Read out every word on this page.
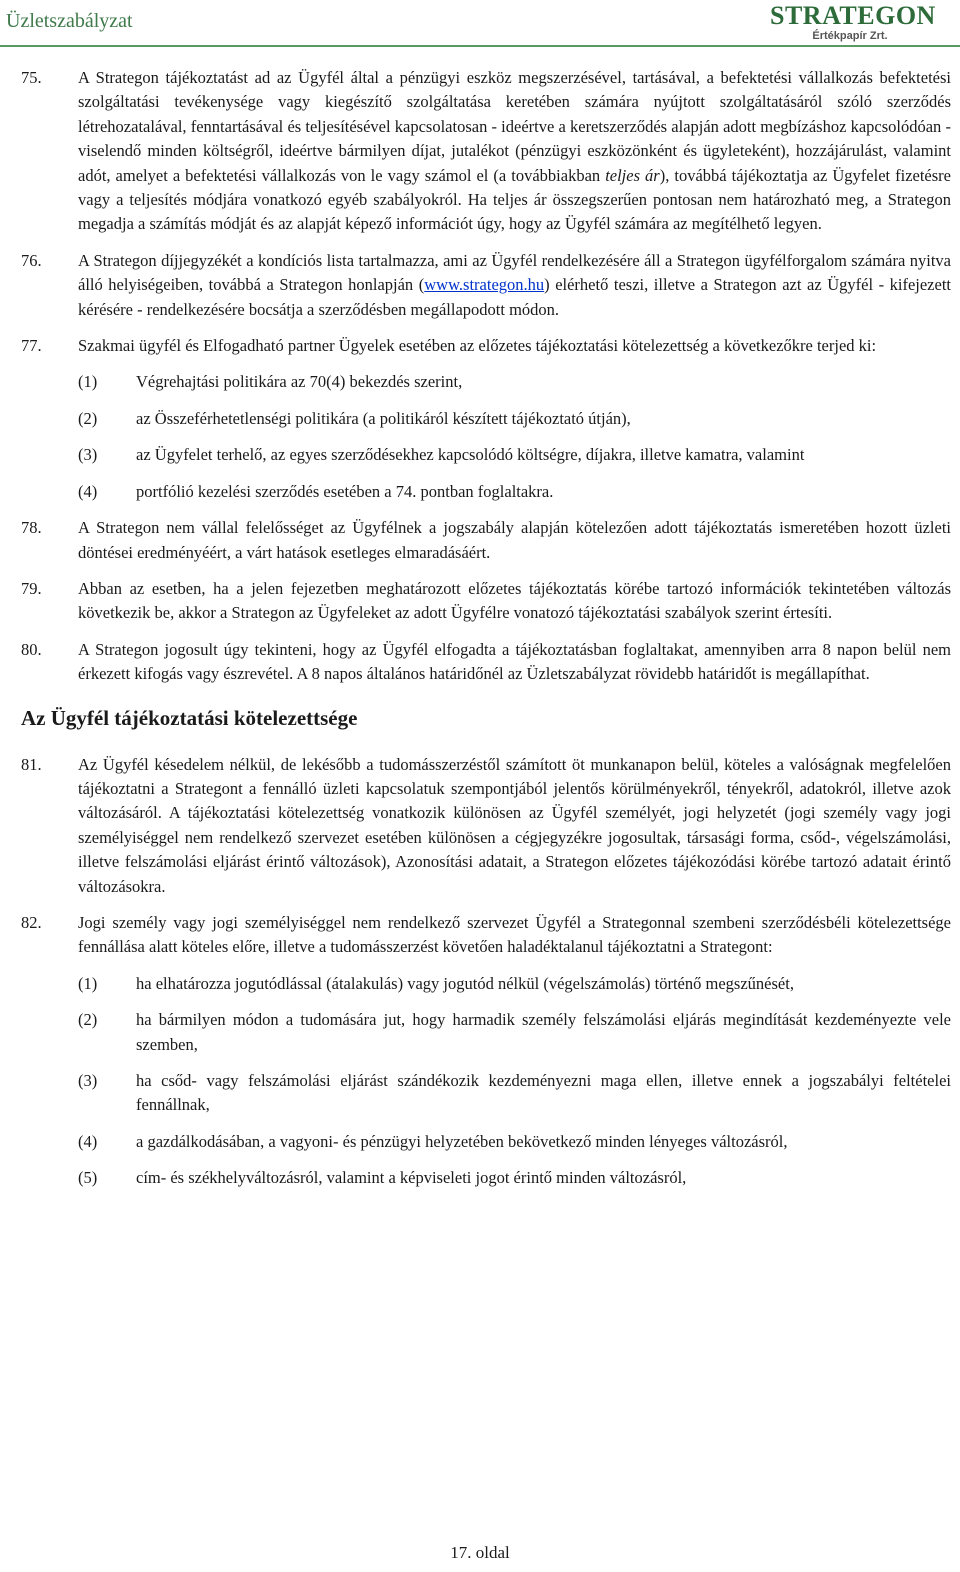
Üzletszabályzat	STRATEGON
Értékpapír Zrt.
75. A Strategon tájékoztatást ad az Ügyfél által a pénzügyi eszköz megszerzésével, tartásával, a befektetési vállalkozás befektetési szolgáltatási tevékenysége vagy kiegészítő szolgáltatása keretében számára nyújtott szolgáltatásáról szóló szerződés létrehozatalával, fenntartásával és teljesítésével kapcsolatosan - ideértve a keretszerződés alapján adott megbízáshoz kapcsolódóan - viselendő minden költségről, ideértve bármilyen díjat, jutalékot (pénzügyi eszközönként és ügyleteként), hozzájárulást, valamint adót, amelyet a befektetési vállalkozás von le vagy számol el (a továbbiakban teljes ár), továbbá tájékoztatja az Ügyfelet fizetésre vagy a teljesítés módjára vonatkozó egyéb szabályokról. Ha teljes ár összegszerűen pontosan nem határozható meg, a Strategon megadja a számítás módját és az alapját képező információt úgy, hogy az Ügyfél számára az megítélhető legyen.
76. A Strategon díjjegyzékét a kondíciós lista tartalmazza, ami az Ügyfél rendelkezésére áll a Strategon ügyfélforgalom számára nyitva álló helyiségeiben, továbbá a Strategon honlapján (www.strategon.hu) elérhető teszi, illetve a Strategon azt az Ügyfél - kifejezett kérésére - rendelkezésére bocsátja a szerződésben megállapodott módon.
77. Szakmai ügyfél és Elfogadható partner Ügyelek esetében az előzetes tájékoztatási kötelezettség a következőkre terjed ki:
(1) Végrehajtási politikára az 70(4) bekezdés szerint,
(2) az Összeférhetetlenségi politikára (a politikáról készített tájékoztató útján),
(3) az Ügyfelet terhelő, az egyes szerződésekhez kapcsolódó költségre, díjakra, illetve kamatra, valamint
(4) portfólió kezelési szerződés esetében a 74. pontban foglaltakra.
78. A Strategon nem vállal felelősséget az Ügyfélnek a jogszabály alapján kötelezően adott tájékoztatás ismeretében hozott üzleti döntései eredményéért, a várt hatások esetleges elmaradásáért.
79. Abban az esetben, ha a jelen fejezetben meghatározott előzetes tájékoztatás körébe tartozó információk tekintetében változás következik be, akkor a Strategon az Ügyfeleket az adott Ügyfélre vonatozó tájékoztatási szabályok szerint értesíti.
80. A Strategon jogosult úgy tekinteni, hogy az Ügyfél elfogadta a tájékoztatásban foglaltakat, amennyiben arra 8 napon belül nem érkezett kifogás vagy észrevétel. A 8 napos általános határidőnél az Üzletszabályzat rövidebb határidőt is megállapíthat.
Az Ügyfél tájékoztatási kötelezettsége
81. Az Ügyfél késedelem nélkül, de lekésőbb a tudomásszerzéstől számított öt munkanapon belül, köteles a valóságnak megfelelően tájékoztatni a Strategont a fennálló üzleti kapcsolatuk szempontjából jelentős körülményekről, tényekről, adatokról, illetve azok változásáról. A tájékoztatási kötelezettség vonatkozik különösen az Ügyfél személyét, jogi helyzetét (jogi személy vagy jogi személyiséggel nem rendelkező szervezet esetében különösen a cégjegyzékre jogosultak, társasági forma, csőd-, végelszámolási, illetve felszámolási eljárást érintő változások), Azonosítási adatait, a Strategon előzetes tájékozódási körébe tartozó adatait érintő változásokra.
82. Jogi személy vagy jogi személyiséggel nem rendelkező szervezet Ügyfél a Strategonnal szembeni szerződésbéli kötelezettsége fennállása alatt köteles előre, illetve a tudomásszerzést követően haladéktalanul tájékoztatni a Strategont:
(1) ha elhatározza jogutódlással (átalakulás) vagy jogutód nélkül (végelszámolás) történő megszűnését,
(2) ha bármilyen módon a tudomására jut, hogy harmadik személy felszámolási eljárás megindítását kezdeményezte vele szemben,
(3) ha csőd- vagy felszámolási eljárást szándékozik kezdeményezni maga ellen, illetve ennek a jogszabályi feltételei fennállnak,
(4) a gazdálkodásában, a vagyoni- és pénzügyi helyzetében bekövetkező minden lényeges változásról,
(5) cím- és székhelyváltozásról, valamint a képviseleti jogot érintő minden változásról,
17. oldal
